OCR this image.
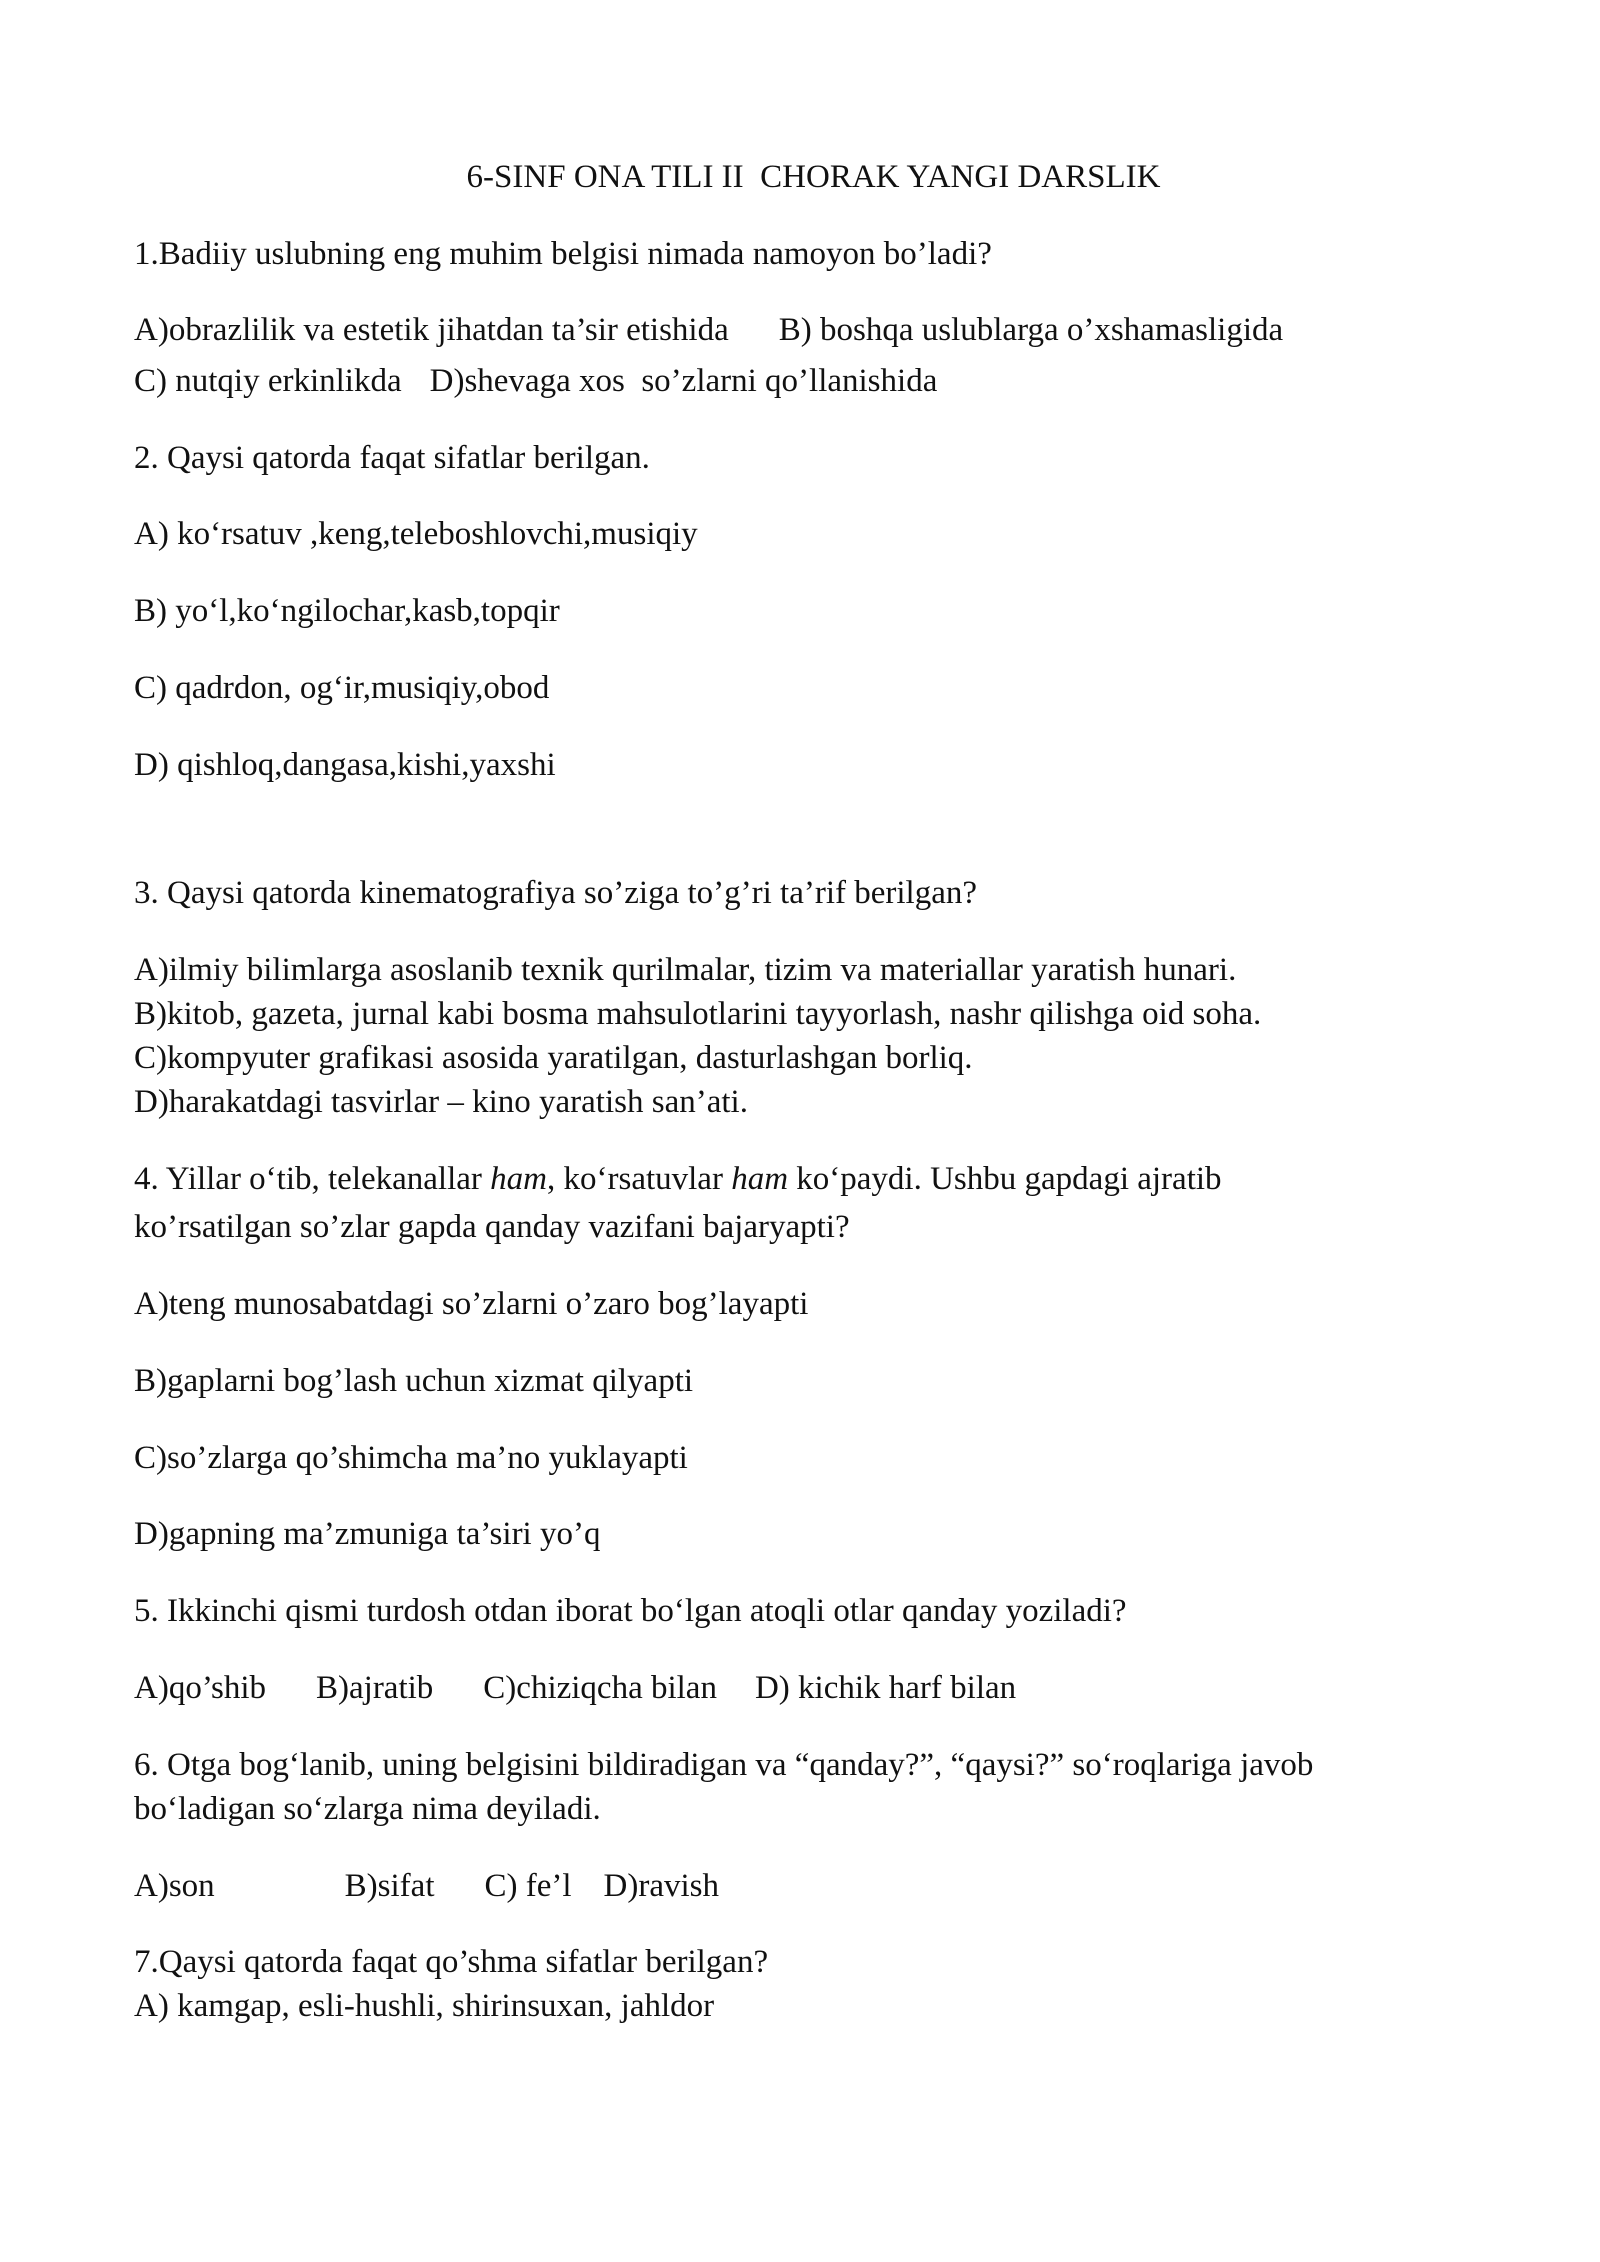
6-SINF ONA TILI II  CHORAK YANGI DARSLIK
1.Badiiy uslubning eng muhim belgisi nimada namoyon bo’ladi?
A)obrazlilik va estetik jihatdan ta’sir etishida B) boshqa uslublarga o’xshamasligida
C) nutqiy erkinlikda D)shevaga xos  so’zlarni qo’llanishida
2. Qaysi qatorda faqat sifatlar berilgan.
A) ko‘rsatuv ,keng,teleboshlovchi,musiqiy
B) yo‘l,ko‘ngilochar,kasb,topqir
C) qadrdon, og‘ir,musiqiy,obod
D) qishloq,dangasa,kishi,yaxshi
3. Qaysi qatorda kinematografiya so’ziga to’g’ri ta’rif berilgan?
A)ilmiy bilimlarga asoslanib texnik qurilmalar, tizim va materiallar yaratish hunari.
B)kitob, gazeta, jurnal kabi bosma mahsulotlarini tayyorlash, nashr qilishga oid soha.
C)kompyuter grafikasi asosida yaratilgan, dasturlashgan borliq.
D)harakatdagi tasvirlar – kino yaratish san’ati.
4. Yillar o‘tib, telekanallar ham, ko‘rsatuvlar ham ko‘paydi. Ushbu gapdagi ajratib
ko’rsatilgan so’zlar gapda qanday vazifani bajaryapti?
A)teng munosabatdagi so’zlarni o’zaro bog’layapti
B)gaplarni bog’lash uchun xizmat qilyapti
C)so’zlarga qo’shimcha ma’no yuklayapti
D)gapning ma’zmuniga ta’siri yo’q
5. Ikkinchi qismi turdosh otdan iborat bo‘lgan atoqli otlar qanday yoziladi?
A)qo’shib B)ajratib C)chiziqcha bilan D) kichik harf bilan
6. Otga bog‘lanib, uning belgisini bildiradigan va “qanday?”, “qaysi?” so‘roqlariga javob
bo‘ladigan so‘zlarga nima deyiladi.
A)son	B)sifat C) fe’l D)ravish
7.Qaysi qatorda faqat qo’shma sifatlar berilgan?
A) kamgap, esli-hushli, shirinsuxan, jahldor
